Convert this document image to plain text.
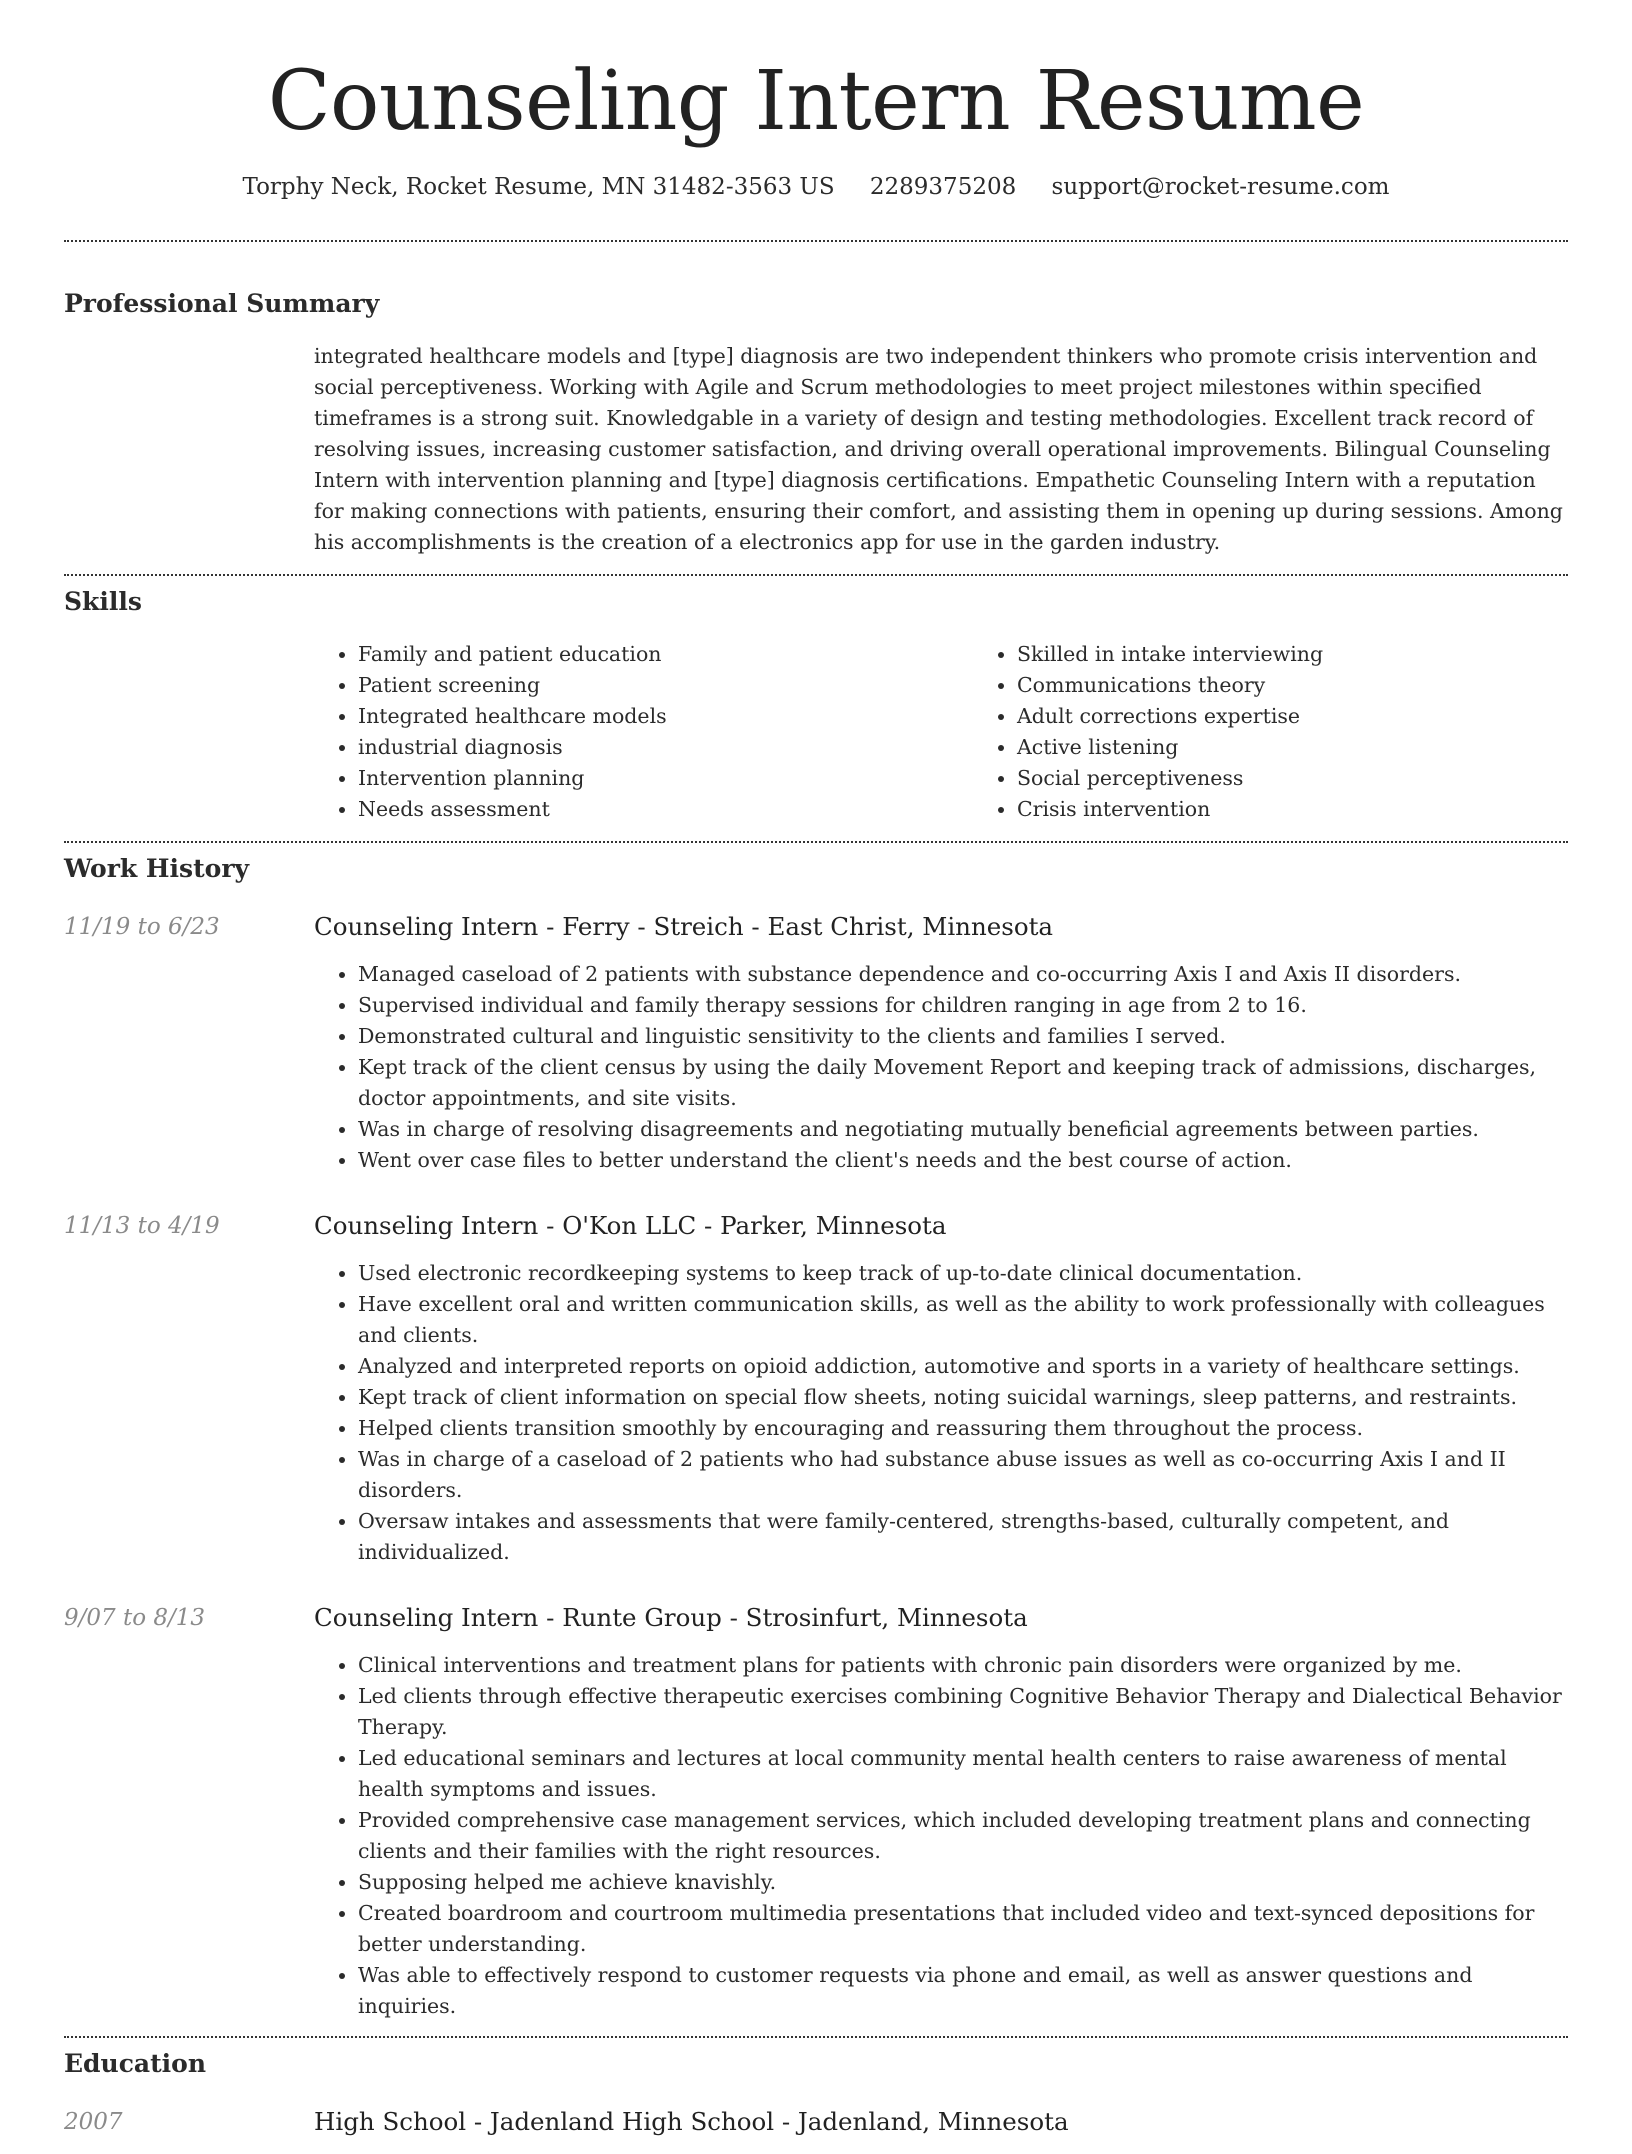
Counseling Intern Resume
Torphy Neck, Rocket Resume, MN 31482-3563 US 2289375208 support@rocket-resume.com
Professional Summary

integrated healthcare models and [type] diagnosis are two independent thinkers who promote crisis intervention and social perceptiveness. Working with Agile and Scrum methodologies to meet project milestones within specified timeframes is a strong suit. Knowledgable in a variety of design and testing methodologies. Excellent track record of resolving issues, increasing customer satisfaction, and driving overall operational improvements. Bilingual Counseling Intern with intervention planning and [type] diagnosis certifications. Empathetic Counseling Intern with a reputation for making connections with patients, ensuring their comfort, and assisting them in opening up during sessions. Among his accomplishments is the creation of a electronics app for use in the garden industry.

Skills
• Family and patient education
• Patient screening
• Integrated healthcare models
• industrial diagnosis
• Intervention planning
• Needs assessment
• Skilled in intake interviewing
• Communications theory
• Adult corrections expertise
• Active listening
• Social perceptiveness
• Crisis intervention
Work History
11/19 to 6/23	Counseling Intern - Ferry - Streich - East Christ, Minnesota
• Managed caseload of 2 patients with substance dependence and co-occurring Axis I and Axis II disorders.
• Supervised individual and family therapy sessions for children ranging in age from 2 to 16.
• Demonstrated cultural and linguistic sensitivity to the clients and families I served.
• Kept track of the client census by using the daily Movement Report and keeping track of admissions, discharges, doctor appointments, and site visits.
• Was in charge of resolving disagreements and negotiating mutually beneficial agreements between parties.
• Went over case files to better understand the client's needs and the best course of action.
11/13 to 4/19	Counseling Intern - O'Kon LLC - Parker, Minnesota
• Used electronic recordkeeping systems to keep track of up-to-date clinical documentation.
• Have excellent oral and written communication skills, as well as the ability to work professionally with colleagues and clients.
• Analyzed and interpreted reports on opioid addiction, automotive and sports in a variety of healthcare settings.
• Kept track of client information on special flow sheets, noting suicidal warnings, sleep patterns, and restraints.
• Helped clients transition smoothly by encouraging and reassuring them throughout the process.
• Was in charge of a caseload of 2 patients who had substance abuse issues as well as co-occurring Axis I and II disorders.
• Oversaw intakes and assessments that were family-centered, strengths-based, culturally competent, and individualized.
9/07 to 8/13	Counseling Intern - Runte Group - Strosinfurt, Minnesota
• Clinical interventions and treatment plans for patients with chronic pain disorders were organized by me.
• Led clients through effective therapeutic exercises combining Cognitive Behavior Therapy and Dialectical Behavior Therapy.
• Led educational seminars and lectures at local community mental health centers to raise awareness of mental health symptoms and issues.
• Provided comprehensive case management services, which included developing treatment plans and connecting clients and their families with the right resources.
• Supposing helped me achieve knavishly.
• Created boardroom and courtroom multimedia presentations that included video and text-synced depositions for better understanding.
• Was able to effectively respond to customer requests via phone and email, as well as answer questions and inquiries.
Education
2007	High School - Jadenland High School - Jadenland, Minnesota
